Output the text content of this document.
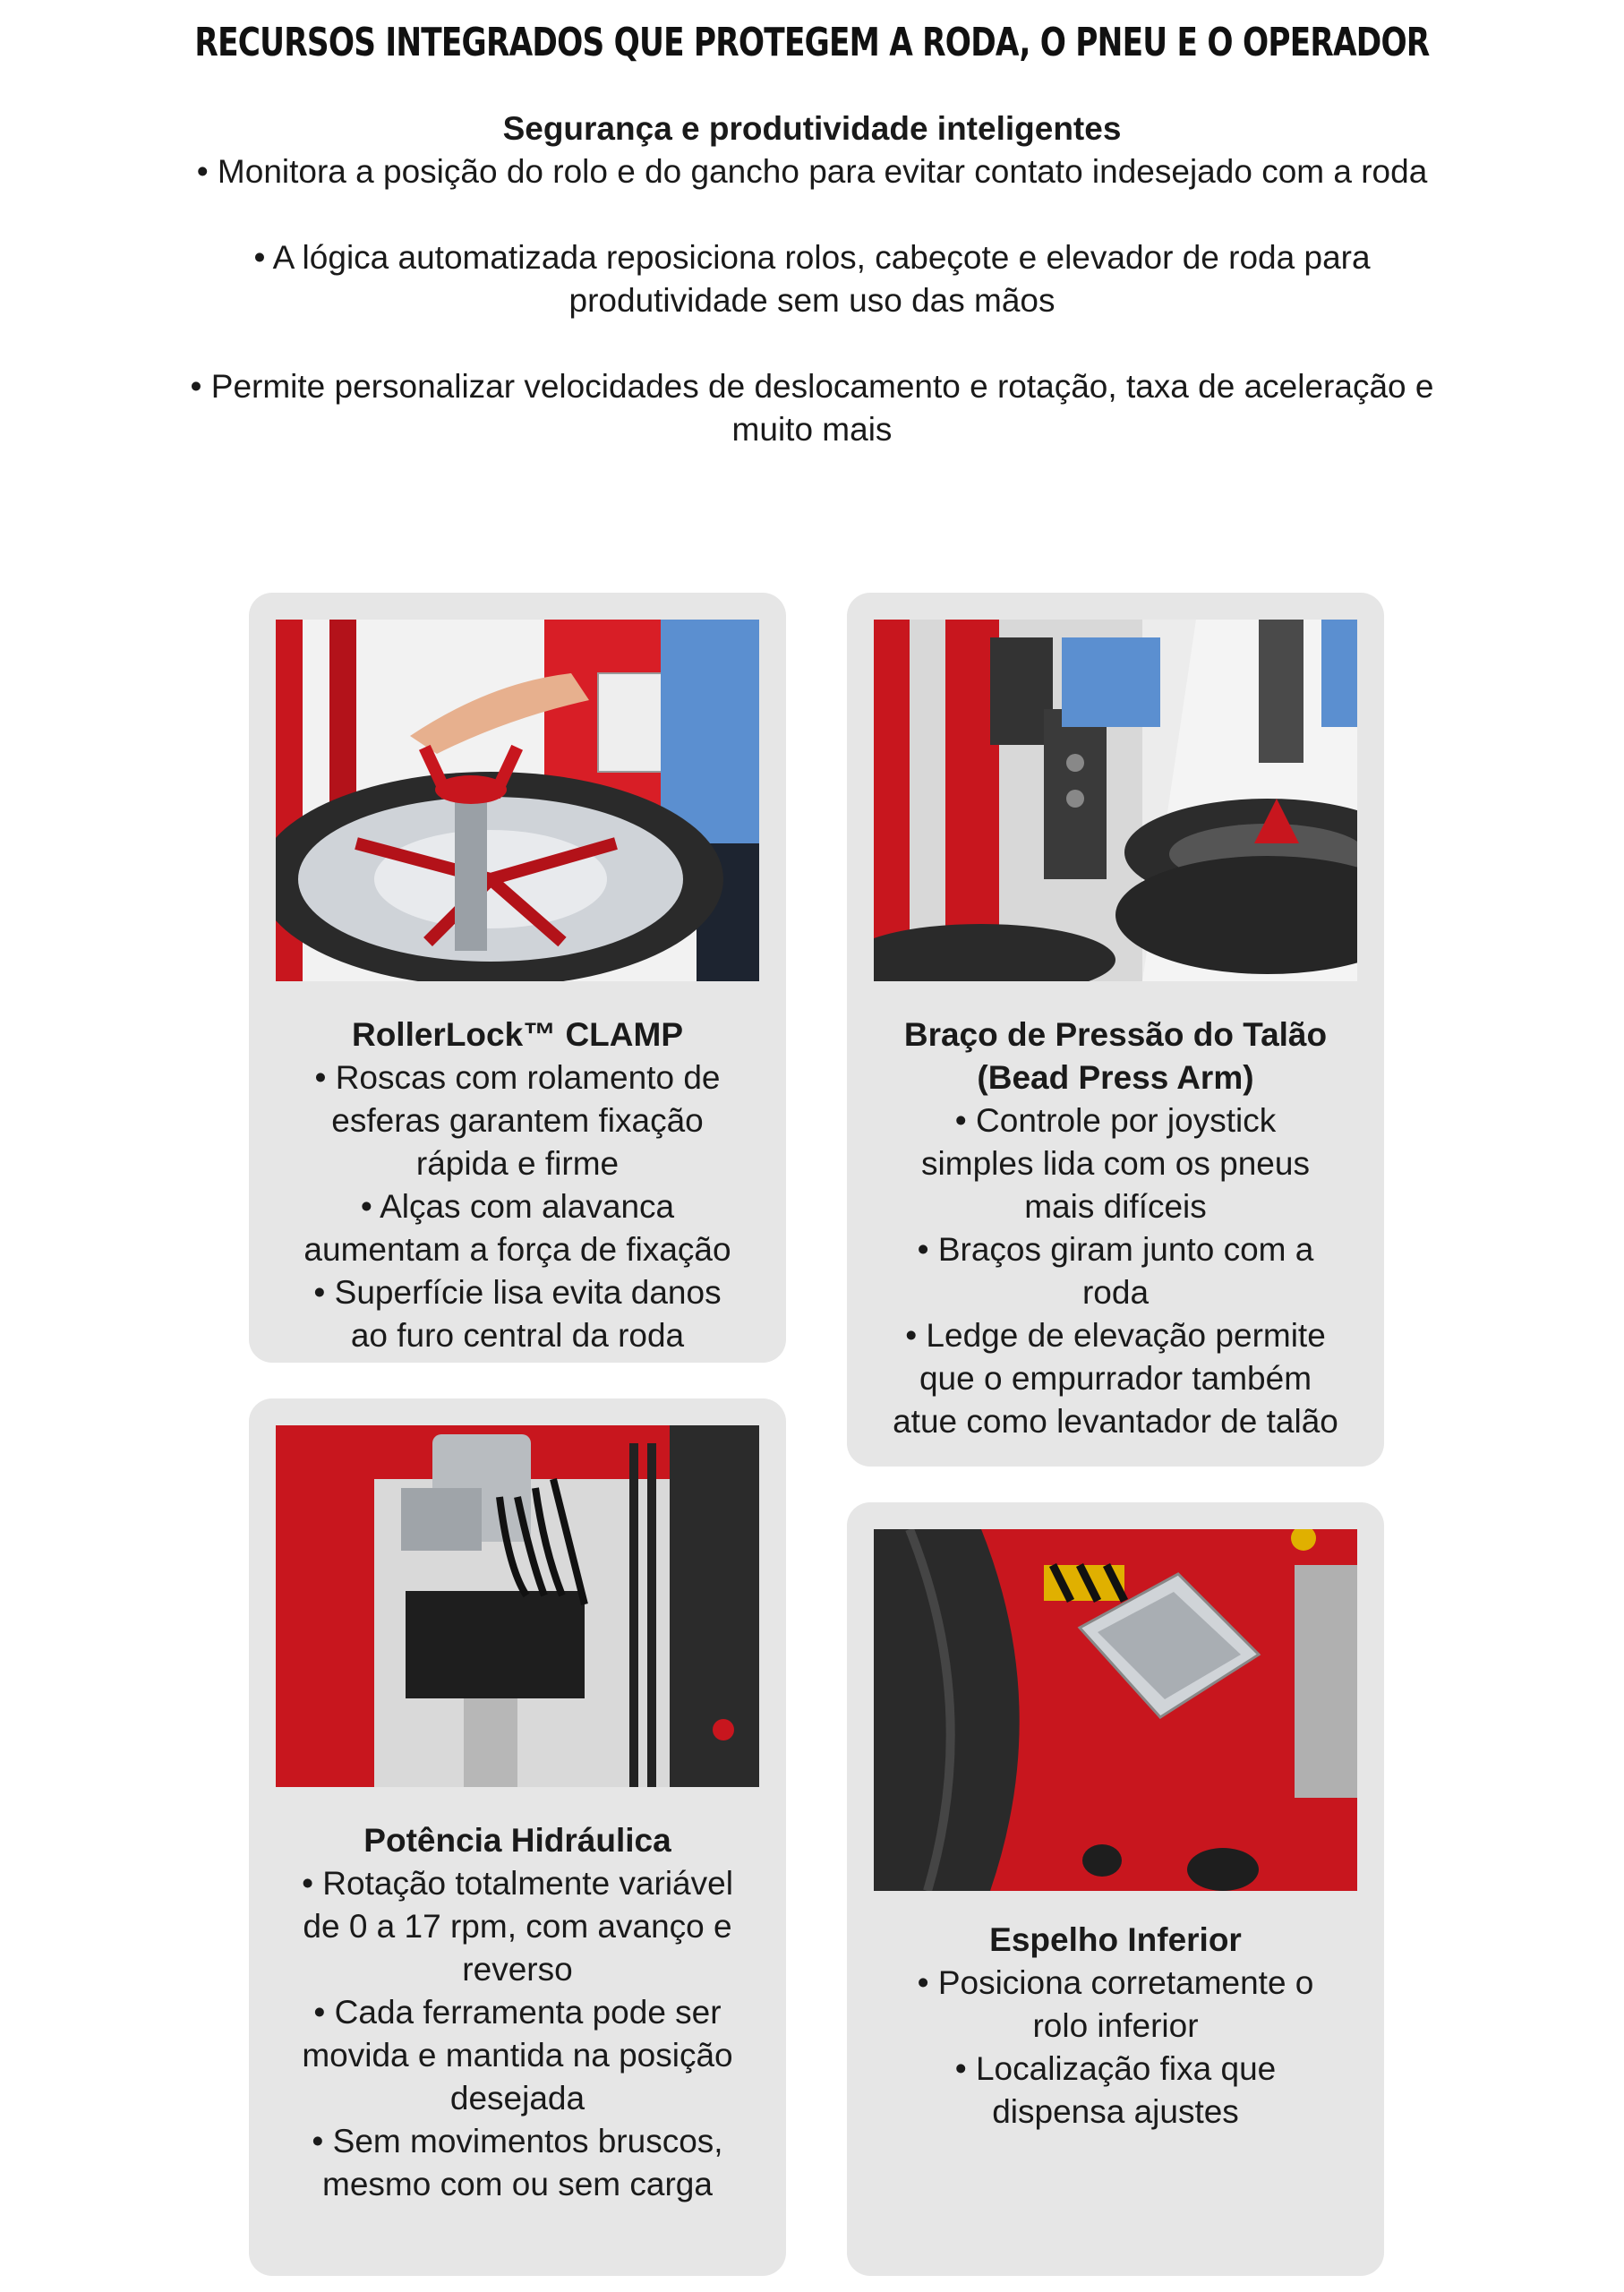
RECURSOS INTEGRADOS QUE PROTEGEM A RODA, O PNEU E O OPERADOR

Segurança e produtividade inteligentes

• Monitora a posição do rolo e do gancho para evitar contato indesejado com a roda

• A lógica automatizada reposiciona rolos, cabeçote e elevador de roda para produtividade sem uso das mãos

• Permite personalizar velocidades de deslocamento e rotação, taxa de aceleração e muito mais

RollerLock™ CLAMP
• Roscas com rolamento de
esferas garantem fixação
rápida e firme
• Alças com alavanca
aumentam a força de fixação
• Superfície lisa evita danos
ao furo central da roda
Braço de Pressão do Talão
(Bead Press Arm)
• Controle por joystick
simples lida com os pneus
mais difíceis
• Braços giram junto com a
roda
• Ledge de elevação permite
que o empurrador também
atue como levantador de talão
Potência Hidráulica
• Rotação totalmente variável
de 0 a 17 rpm, com avanço e
reverso
• Cada ferramenta pode ser
movida e mantida na posição
desejada
• Sem movimentos bruscos,
mesmo com ou sem carga
Espelho Inferior
• Posiciona corretamente o
rolo inferior
• Localização fixa que
dispensa ajustes
